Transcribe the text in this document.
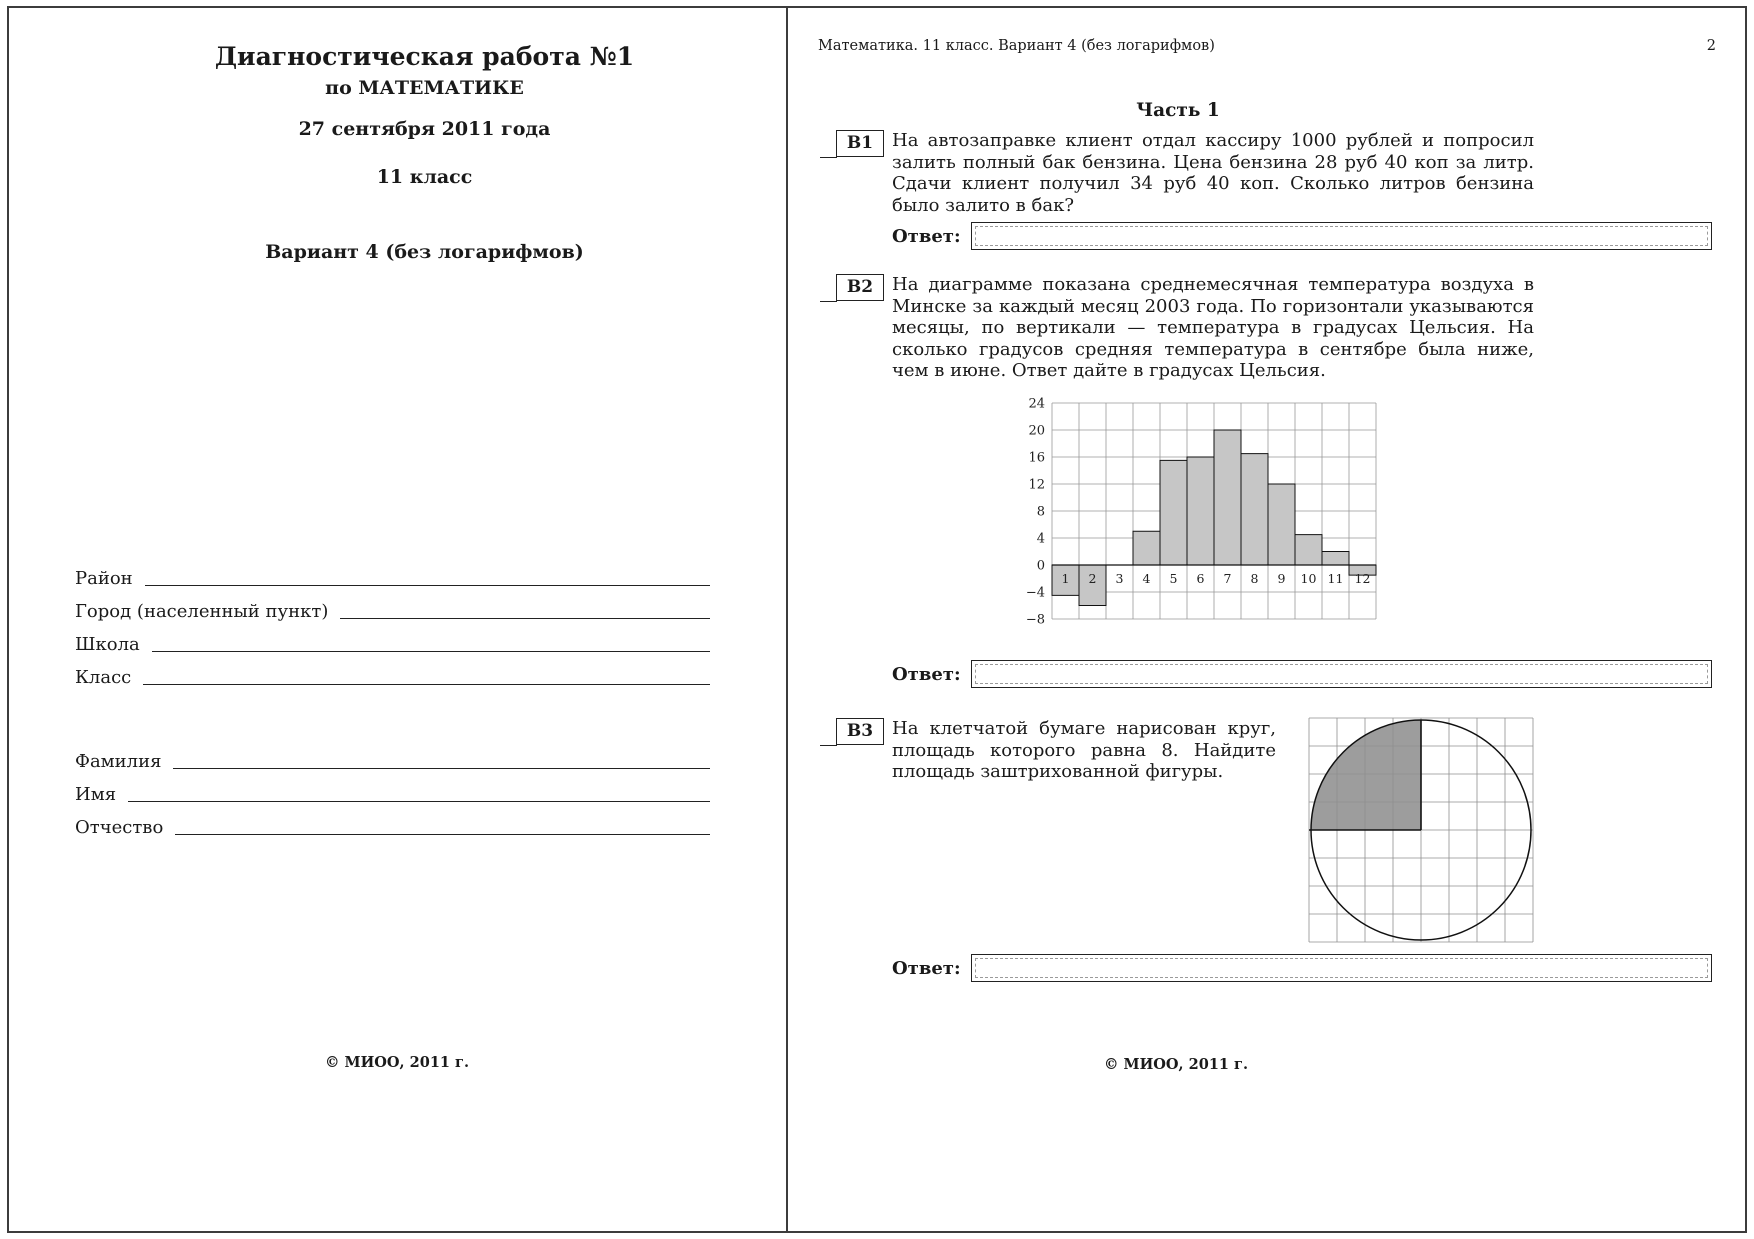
Диагностическая работа №1
по МАТЕМАТИКЕ
27 сентября 2011 года
11 класс
Вариант 4 (без логарифмов)
Район
Город (населенный пункт)
Школа
Класс
Фамилия
Имя
Отчество
© МИОО, 2011 г.
Математика. 11 класс. Вариант 4 (без логарифмов)	2
Часть 1
В1	На автозаправке клиент отдал кассиру 1000 рублей и попросил залить полный бак бензина. Цена бензина 28 руб 40 коп за литр. Сдачи клиент получил 34 руб 40 коп. Сколько литров бензина было залито в бак?
Ответ:
В2	На диаграмме показана среднемесячная температура воздуха в Минске за каждый месяц 2003 года. По горизонтали указываются месяцы, по вертикали — температура в градусах Цельсия. На сколько градусов средняя температура в сентябре была ниже, чем в июне. Ответ дайте в градусах Цельсия.
24
20
16
12
8
4
0
−4
−8
1 2 3 4 5 6 7 8 9 10 11 12
Ответ:
В3	На клетчатой бумаге нарисован круг, площадь которого равна 8. Найдите площадь заштрихованной фигуры.
Ответ:
© МИОО, 2011 г.
